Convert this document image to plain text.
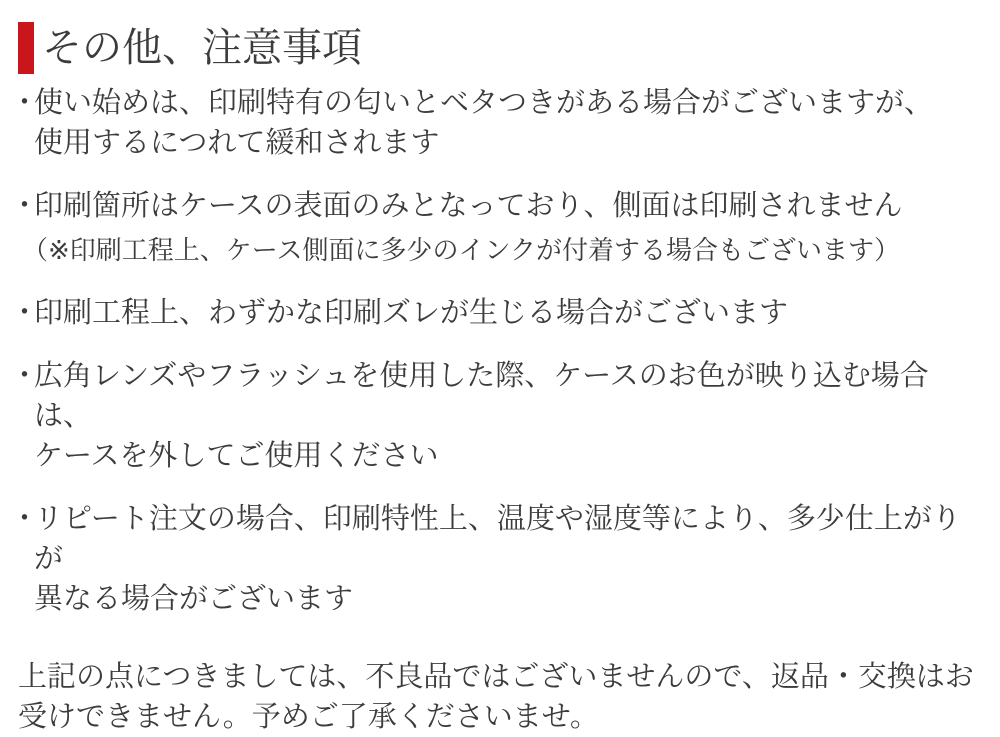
その他、注意事項
・
使い始めは、印刷特有の匂いとベタつきがある場合がございますが、
使用するにつれて緩和されます
・
印刷箇所はケースの表面のみとなっており、側面は印刷されません
（※印刷工程上、ケース側面に多少のインクが付着する場合もございます）
・
印刷工程上、わずかな印刷ズレが生じる場合がございます
・
広角レンズやフラッシュを使用した際、ケースのお色が映り込む場合は、
ケースを外してご使用ください
・
リピート注文の場合、印刷特性上、温度や湿度等により、多少仕上がりが
異なる場合がございます
上記の点につきましては、不良品ではございませんので、返品・交換はお
受けできません。予めご了承くださいませ。
